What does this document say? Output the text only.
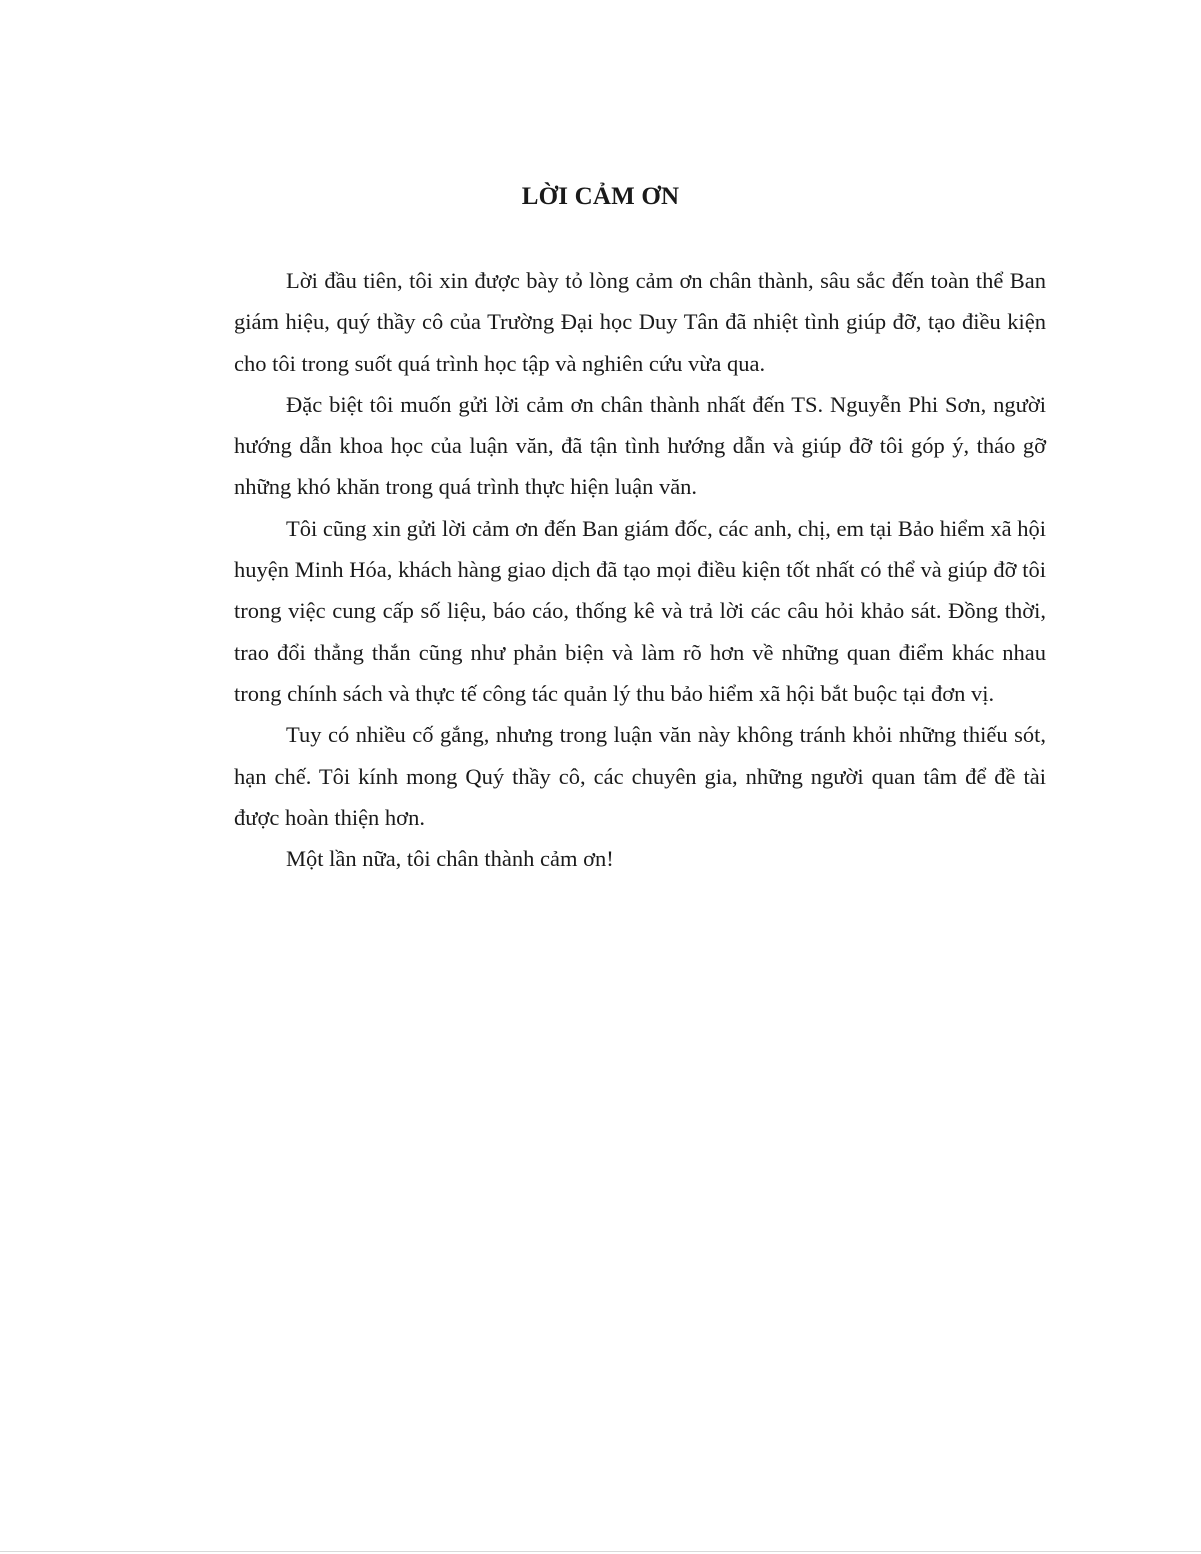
LỜI CẢM ƠN

Lời đầu tiên, tôi xin được bày tỏ lòng cảm ơn chân thành, sâu sắc đến toàn thể Ban giám hiệu, quý thầy cô của Trường Đại học Duy Tân đã nhiệt tình giúp đỡ, tạo điều kiện cho tôi trong suốt quá trình học tập và nghiên cứu vừa qua.

Đặc biệt tôi muốn gửi lời cảm ơn chân thành nhất đến TS. Nguyễn Phi Sơn, người hướng dẫn khoa học của luận văn, đã tận tình hướng dẫn và giúp đỡ tôi góp ý, tháo gỡ những khó khăn trong quá trình thực hiện luận văn.

Tôi cũng xin gửi lời cảm ơn đến Ban giám đốc, các anh, chị, em tại Bảo hiểm xã hội huyện Minh Hóa, khách hàng giao dịch đã tạo mọi điều kiện tốt nhất có thể và giúp đỡ tôi trong việc cung cấp số liệu, báo cáo, thống kê và trả lời các câu hỏi khảo sát. Đồng thời, trao đổi thẳng thắn cũng như phản biện và làm rõ hơn về những quan điểm khác nhau trong chính sách và thực tế công tác quản lý thu bảo hiểm xã hội bắt buộc tại đơn vị.

Tuy có nhiều cố gắng, nhưng trong luận văn này không tránh khỏi những thiếu sót, hạn chế. Tôi kính mong Quý thầy cô, các chuyên gia, những người quan tâm để đề tài được hoàn thiện hơn.

Một lần nữa, tôi chân thành cảm ơn!
